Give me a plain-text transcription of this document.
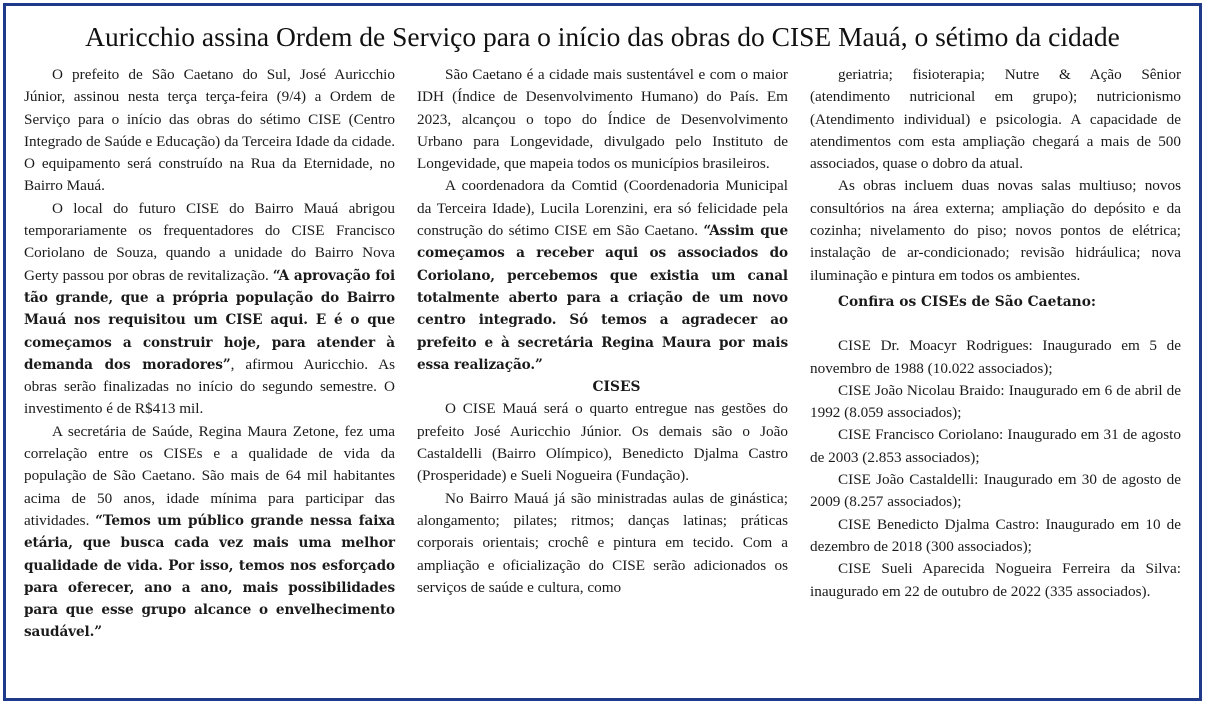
Auricchio assina Ordem de Serviço para o início das obras do CISE Mauá, o sétimo da cidade

O prefeito de São Caetano do Sul, José Auricchio Júnior, assinou nesta terça terça-feira (9/4) a Ordem de Serviço para o início das obras do sétimo CISE (Centro Integrado de Saúde e Educação) da Terceira Idade da cidade. O equipamento será construído na Rua da Eternidade, no Bairro Mauá.

O local do futuro CISE do Bairro Mauá abrigou temporariamente os frequentadores do CISE Francisco Coriolano de Souza, quando a unidade do Bairro Nova Gerty passou por obras de revitalização. “A aprovação foi tão grande, que a própria população do Bairro Mauá nos requisitou um CISE aqui. E é o que começamos a construir hoje, para atender à demanda dos moradores”, afirmou Auricchio. As obras serão finalizadas no início do segundo semestre. O investimento é de R$413 mil.

A secretária de Saúde, Regina Maura Zetone, fez uma correlação entre os CISEs e a qualidade de vida da população de São Caetano. São mais de 64 mil habitantes acima de 50 anos, idade mínima para participar das atividades. “Temos um público grande nessa faixa etária, que busca cada vez mais uma melhor qualidade de vida. Por isso, temos nos esforçado para oferecer, ano a ano, mais possibilidades para que esse grupo alcance o envelhecimento saudável.”

São Caetano é a cidade mais sustentável e com o maior IDH (Índice de Desenvolvimento Humano) do País. Em 2023, alcançou o topo do Índice de Desenvolvimento Urbano para Longevidade, divulgado pelo Instituto de Longevidade, que mapeia todos os municípios brasileiros.

A coordenadora da Comtid (Coordenadoria Municipal da Terceira Idade), Lucila Lorenzini, era só felicidade pela construção do sétimo CISE em São Caetano. “Assim que começamos a receber aqui os associados do Coriolano, percebemos que existia um canal totalmente aberto para a criação de um novo centro integrado. Só temos a agradecer ao prefeito e à secretária Regina Maura por mais essa realização.”

CISES

O CISE Mauá será o quarto entregue nas gestões do prefeito José Auricchio Júnior. Os demais são o João Castaldelli (Bairro Olímpico), Benedicto Djalma Castro (Prosperidade) e Sueli Nogueira (Fundação).

No Bairro Mauá já são ministradas aulas de ginástica; alongamento; pilates; ritmos; danças latinas; práticas corporais orientais; crochê e pintura em tecido. Com a ampliação e oficialização do CISE serão adicionados os serviços de saúde e cultura, como

geriatria; fisioterapia; Nutre & Ação Sênior (atendimento nutricional em grupo); nutricionismo (Atendimento individual) e psicologia. A capacidade de atendimentos com esta ampliação chegará a mais de 500 associados, quase o dobro da atual.

As obras incluem duas novas salas multiuso; novos consultórios na área externa; ampliação do depósito e da cozinha; nivelamento do piso; novos pontos de elétrica; instalação de ar-condicionado; revisão hidráulica; nova iluminação e pintura em todos os ambientes.

Confira os CISEs de São Caetano:

CISE Dr. Moacyr Rodrigues: Inaugurado em 5 de novembro de 1988 (10.022 associados);

CISE João Nicolau Braido: Inaugurado em 6 de abril de 1992 (8.059 associados);

CISE Francisco Coriolano: Inaugurado em 31 de agosto de 2003 (2.853 associados);

CISE João Castaldelli: Inaugurado em 30 de agosto de 2009 (8.257 associados);

CISE Benedicto Djalma Castro: Inaugurado em 10 de dezembro de 2018 (300 associados);

CISE Sueli Aparecida Nogueira Ferreira da Silva: inaugurado em 22 de outubro de 2022 (335 associados).
